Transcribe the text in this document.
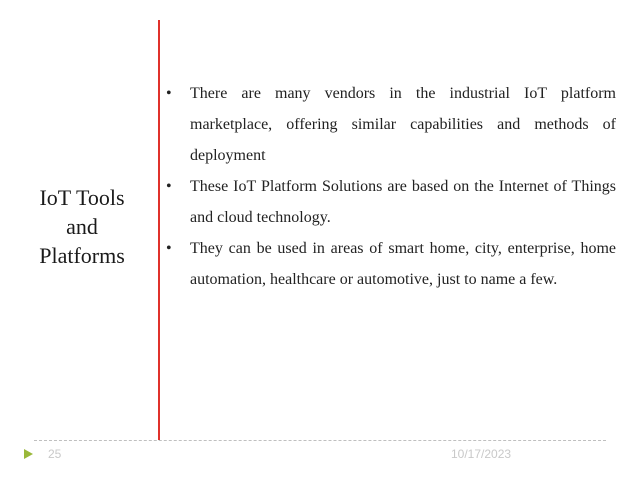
IoT Tools
and
Platforms
•	There are many vendors in the industrial IoT platform marketplace, offering similar capabilities and methods of deployment
•	These IoT Platform Solutions are based on the Internet of Things and cloud technology.
•	They can be used in areas of smart home, city, enterprise, home automation, healthcare or automotive, just to name a few.
25	10/17/2023
